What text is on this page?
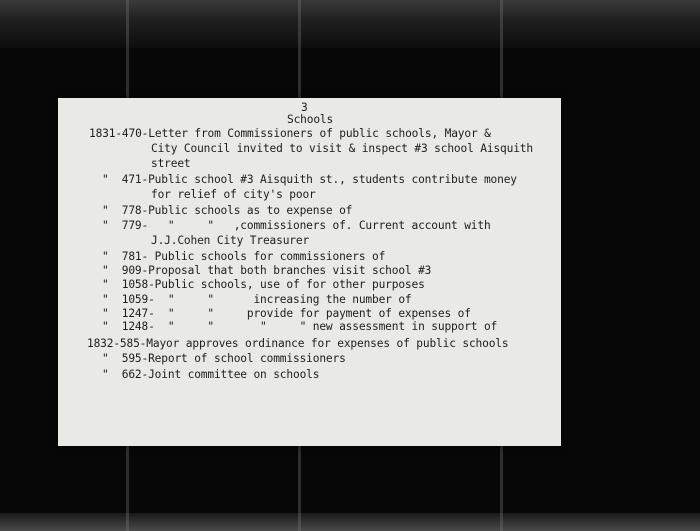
3
Schools
1831-470-Letter from Commissioners of public schools, Mayor &
City Council invited to visit & inspect #3 school Aisquith
street
"  471-Public school #3 Aisquith st., students contribute money
for relief of city's poor
"  778-Public schools as to expense of
"  779-   "     "   ,commissioners of. Current account with
J.J.Cohen City Treasurer
"  781- Public schools for commissioners of
"  909-Proposal that both branches visit school #3
"  1058-Public schools, use of for other purposes
"  1059-  "     "      increasing the number of
"  1247-  "     "     provide for payment of expenses of
"  1248-  "     "       "     " new assessment in support of
1832-585-Mayor approves ordinance for expenses of public schools
"  595-Report of school commissioners
"  662-Joint committee on schools
